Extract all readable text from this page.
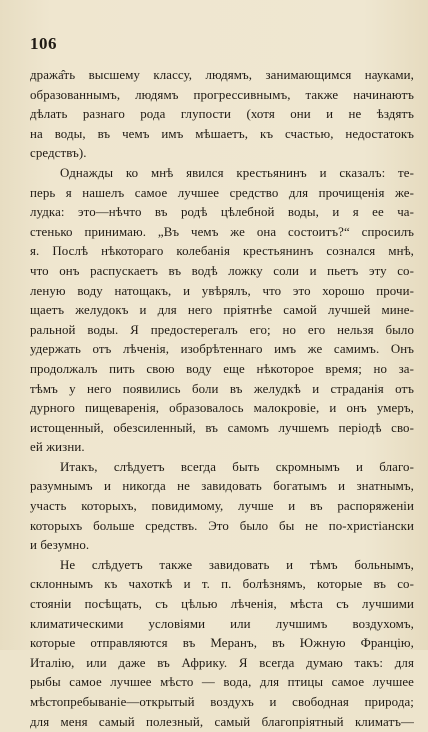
106
дража̂ть высшему классу, людямъ, занимающимся науками,
образованнымъ, людямъ прогрессивнымъ, также начинаютъ
дѣлать разнаго рода глупости (хотя они и не ѣздятъ
на воды, въ чемъ имъ мѣшаетъ, къ счастью, недостатокъ
средствъ).
Однажды ко мнѣ явился крестьянинъ и сказалъ: те-
перь я нашелъ самое лучшее средство для прочищенія же-
лудка: это—нѣчто въ родѣ цѣлебной воды, и я ее ча-
стенько принимаю. „Въ чемъ же она состоитъ?“ спросилъ
я. Послѣ нѣкотораго колебанія крестьянинъ сознался мнѣ,
что онъ распускаетъ въ водѣ ложку соли и пьетъ эту со-
леную воду натощакъ, и увѣрялъ, что это хорошо прочи-
щаетъ желудокъ и для него пріятнѣе самой лучшей мине-
ральной воды. Я предостерегалъ его; но его нельзя было
удержать отъ лѣченія, изобрѣтеннаго имъ же самимъ. Онъ
продолжалъ пить свою воду еще нѣкоторое время; но за-
тѣмъ у него появились боли въ желудкѣ и страданія отъ
дурного пищеваренія, образовалось малокровіе, и онъ умеръ,
истощенный, обезсиленный, въ самомъ лучшемъ періодѣ сво-
ей жизни.
Итакъ, слѣдуетъ всегда быть скромнымъ и благо-
разумнымъ и никогда не завидовать богатымъ и знатнымъ,
участь которыхъ, повидимому, лучше и въ распоряженіи
которыхъ больше средствъ. Это было бы не по-христіански
и безумно.
Не слѣдуетъ также завидовать и тѣмъ больнымъ,
склоннымъ къ чахоткѣ и т. п. болѣзнямъ, которые въ со-
стояніи посѣщать, съ цѣлью лѣченія, мѣста съ лучшими
климатическими условіями или лучшимъ воздухомъ,
которые отправляются въ Меранъ, въ Южную Францію,
Италію, или даже въ Африку. Я всегда думаю такъ: для
рыбы самое лучшее мѣсто — вода, для птицы самое лучшее
мѣстопребываніе—открытый воздухъ и свободная природа;
для меня самый полезный, самый благопріятный климатъ—
